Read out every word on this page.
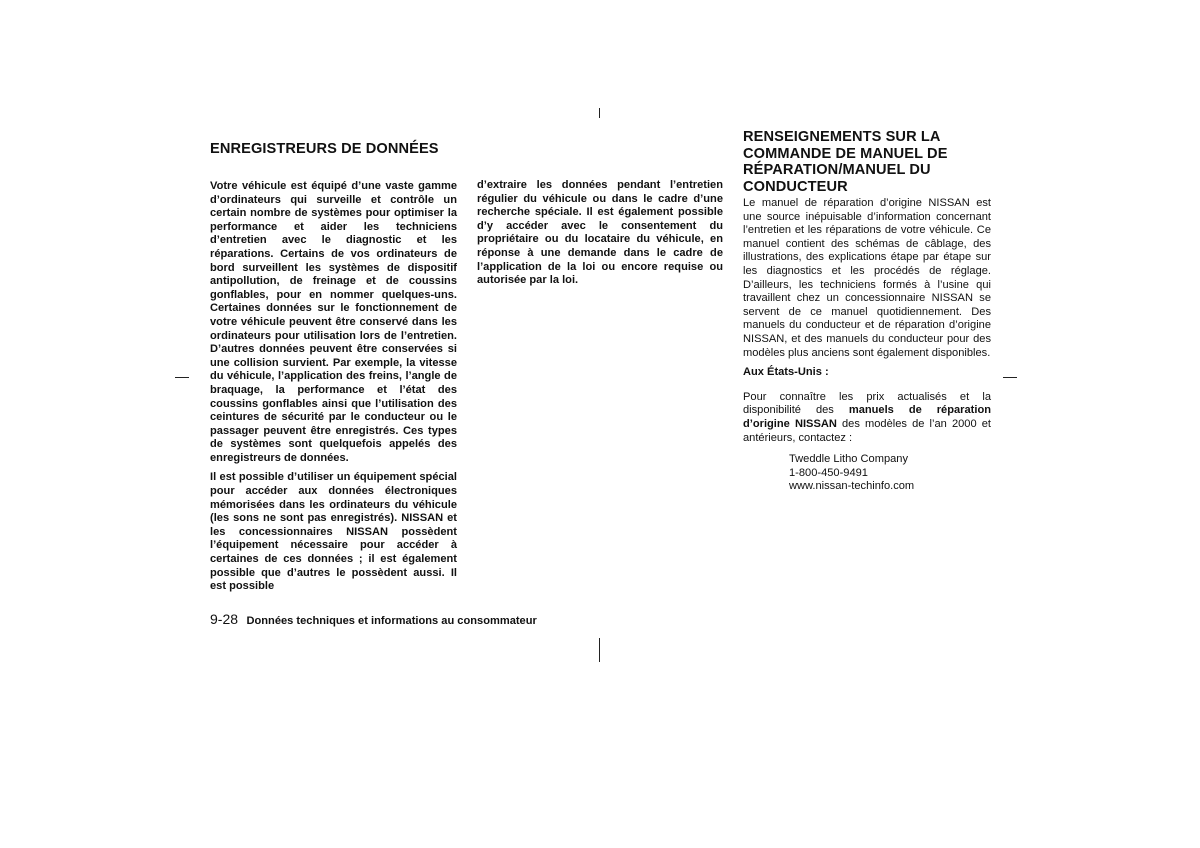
ENREGISTREURS DE DONNÉES

Votre véhicule est équipé d’une vaste gamme d’ordinateurs qui surveille et contrôle un certain nombre de systèmes pour optimiser la performance et aider les techniciens d’entretien avec le diagnostic et les réparations. Certains de vos ordinateurs de bord surveillent les systèmes de dispositif antipollution, de freinage et de coussins gonflables, pour en nommer quelques-uns. Certaines données sur le fonctionnement de votre véhicule peuvent être conservé dans les ordinateurs pour utilisation lors de l’entretien. D’autres données peuvent être conservées si une collision survient. Par exemple, la vitesse du véhicule, l’application des freins, l’angle de braquage, la performance et l’état des coussins gonflables ainsi que l’utilisation des ceintures de sécurité par le conducteur ou le passager peuvent être enregistrés. Ces types de systèmes sont quelquefois appelés des enregistreurs de données.

Il est possible d’utiliser un équipement spécial pour accéder aux données électroniques mémorisées dans les ordinateurs du véhicule (les sons ne sont pas enregistrés). NISSAN et les concessionnaires NISSAN possèdent l’équipement nécessaire pour accéder à certaines de ces données ; il est également possible que d’autres le possèdent aussi. Il est possible

d’extraire les données pendant l’entretien régulier du véhicule ou dans le cadre d’une recherche spéciale. Il est également possible d’y accéder avec le consentement du propriétaire ou du locataire du véhicule, en réponse à une demande dans le cadre de l’application de la loi ou encore requise ou autorisée par la loi.

RENSEIGNEMENTS SUR LA COMMANDE DE MANUEL DE RÉPARATION/MANUEL DU CONDUCTEUR

Le manuel de réparation d’origine NISSAN est une source inépuisable d’information concernant l’entretien et les réparations de votre véhicule. Ce manuel contient des schémas de câblage, des illustrations, des explications étape par étape sur les diagnostics et les procédés de réglage. D’ailleurs, les techniciens formés à l’usine qui travaillent chez un concessionnaire NISSAN se servent de ce manuel quotidiennement. Des manuels du conducteur et de réparation d’origine NISSAN, et des manuels du conducteur pour des modèles plus anciens sont également disponibles.

Aux États-Unis :

Pour connaître les prix actualisés et la disponibilité des manuels de réparation d’origine NISSAN des modèles de l’an 2000 et antérieurs, contactez :

Tweddle Litho Company
1-800-450-9491
www.nissan-techinfo.com
9-28 Données techniques et informations au consommateur
